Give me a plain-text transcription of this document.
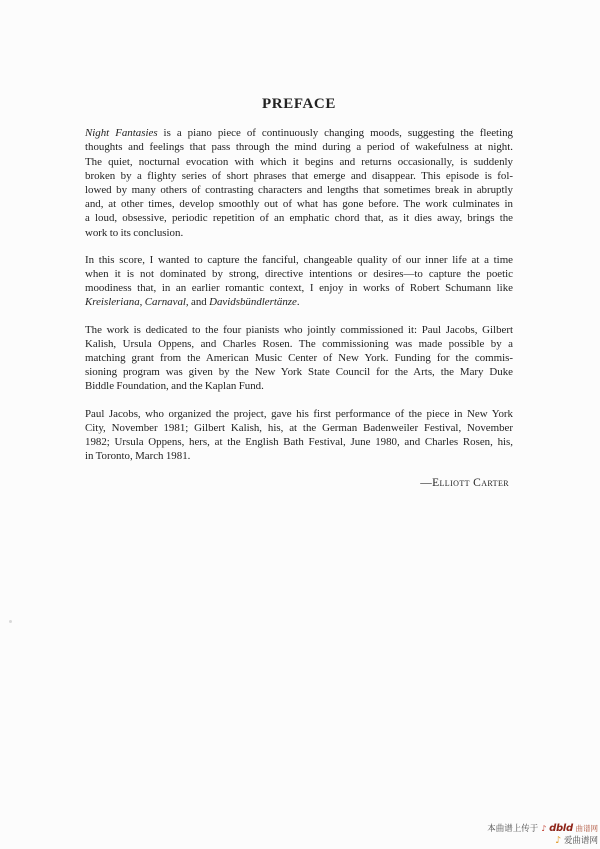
PREFACE
Night Fantasies is a piano piece of continuously changing moods, suggesting the fleeting
thoughts and feelings that pass through the mind during a period of wakefulness at night.
The quiet, nocturnal evocation with which it begins and returns occasionally, is suddenly
broken by a flighty series of short phrases that emerge and disappear. This episode is fol-
lowed by many others of contrasting characters and lengths that sometimes break in abruptly
and, at other times, develop smoothly out of what has gone before. The work culminates in
a loud, obsessive, periodic repetition of an emphatic chord that, as it dies away, brings the
work to its conclusion.
In this score, I wanted to capture the fanciful, changeable quality of our inner life at a time
when it is not dominated by strong, directive intentions or desires—to capture the poetic
moodiness that, in an earlier romantic context, I enjoy in works of Robert Schumann like
Kreisleriana, Carnaval, and Davidsbündlertänze.
The work is dedicated to the four pianists who jointly commissioned it: Paul Jacobs, Gilbert
Kalish, Ursula Oppens, and Charles Rosen. The commissioning was made possible by a
matching grant from the American Music Center of New York. Funding for the commis-
sioning program was given by the New York State Council for the Arts, the Mary Duke
Biddle Foundation, and the Kaplan Fund.
Paul Jacobs, who organized the project, gave his first performance of the piece in New York
City, November 1981; Gilbert Kalish, his, at the German Badenweiler Festival, November
1982; Ursula Oppens, hers, at the English Bath Festival, June 1980, and Charles Rosen, his,
in Toronto, March 1981.
—Elliott Carter
本曲谱上传于 ♪ dbld 曲谱网
♪ 爱曲谱网
